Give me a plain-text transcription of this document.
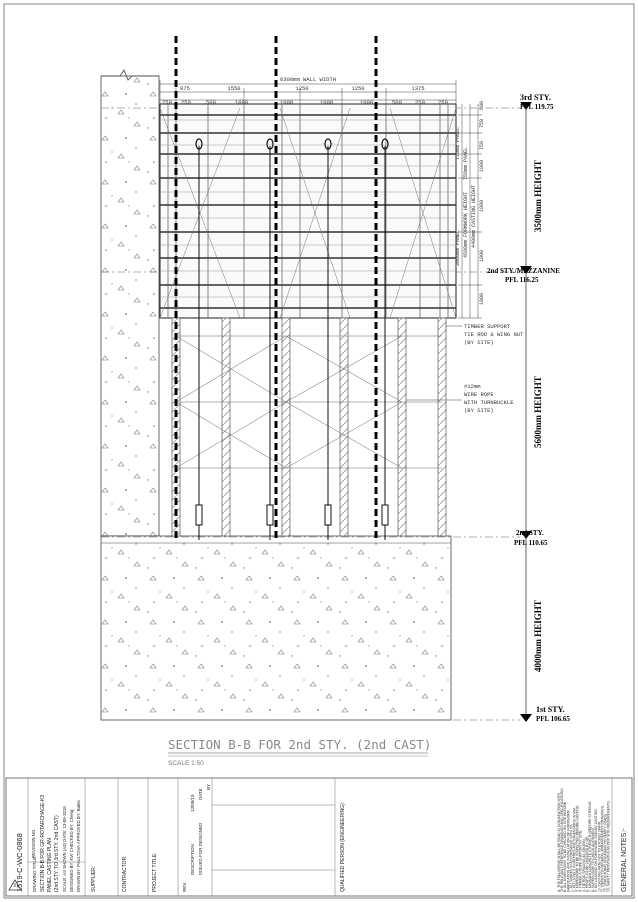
6300mm WALL WIDTH
875	1550	1250	1250	1375
250 250	500	1000	1000	1000	1000	500 250 250	500
750
750
1000
1000
1000
1000
720mm PANEL
750mm PANEL
4400mm CASTING HEIGHT
4500mm FORMWORK HEIGHT
3000mm PANEL
TIMBER SUPPORT
TIE ROD & WING NUT
(BY SITE)
#12mm
WIRE ROPE
WITH TURNBUCKLE
(BY SITE)
3rd STY.
PFL 119.75
2nd STY./MEZZANINE
PFL 116.25
2nd STY.
PFL 110.65
1st STY.
PFL 106.65
3500mm HEIGHT
5600mm HEIGHT
4000mm HEIGHT
SECTION B-B FOR 2nd STY. (2nd CAST)
SCALE 1:50
1519-C-WC-0868 DRAWING TITLE: SECTION B-B FOR GR-ROTARCHAGE-K3 PANEL CASTING PLAN (2nd STY. TO 3rd STY. 2nd CAST) SCALE: AS SHOWN (A3) DATE: 13-09-2019 DESIGNED BY: KW CHECKED BY: Cheng DRAWN BY: PAULTOVA APPROVED BY: Bates
REVISION NO.
SUPPLIER:	CONTRACTOR:	PROJECT TITLE:	REV.
DESCRIPTION ISSUED FOR DESIGNED
13/09/19
DATE
BY
QUALIFIED PERSON (ENGINEERING):	GENERAL NOTES:-
A. THE FOLLOWING SHALL BE READ IN CONJUNCTION WITH THE RELEVANT REFERENCE DRAWINGS AND SPECIFICATIONS. B. ALL DIMENSIONS TO BE CHECKED ON SITE BEFORE FABRICATION AND INSTALLATION OF FORMWORK. 1. ALL WORKS IN ACCORDANCE WITH SS. 2. ALL LEVELS IN METRES AND DIMENSIONS IN MM. 3. FORMWORK TO BE INSPECTED BEFORE CASTING. 4. TIMBER & ROPE SUPPORT BY SITE. 5. TIE ROD SPACING AS SHOWN. 6. PROPS TO BE CHECKED BY QP. 7. MINIMUM CONCRETE STRENGTH BEFORE STRIKING. 8. SUPERVISOR TO CHECK ALIGNMENT. 9. NO LOADING ON FORMWORK DURING CASTING. 10. CASTING RATE NOT TO EXCEED 2M/HR. 11. REFER TO GENERAL ARRANGEMENT DRAWINGS. 12. STRUCTURAL ENGINEER TO VERIFY LOADS. 13. SAFETY PROVISIONS AS PER SITE REQUIREMENTS.
